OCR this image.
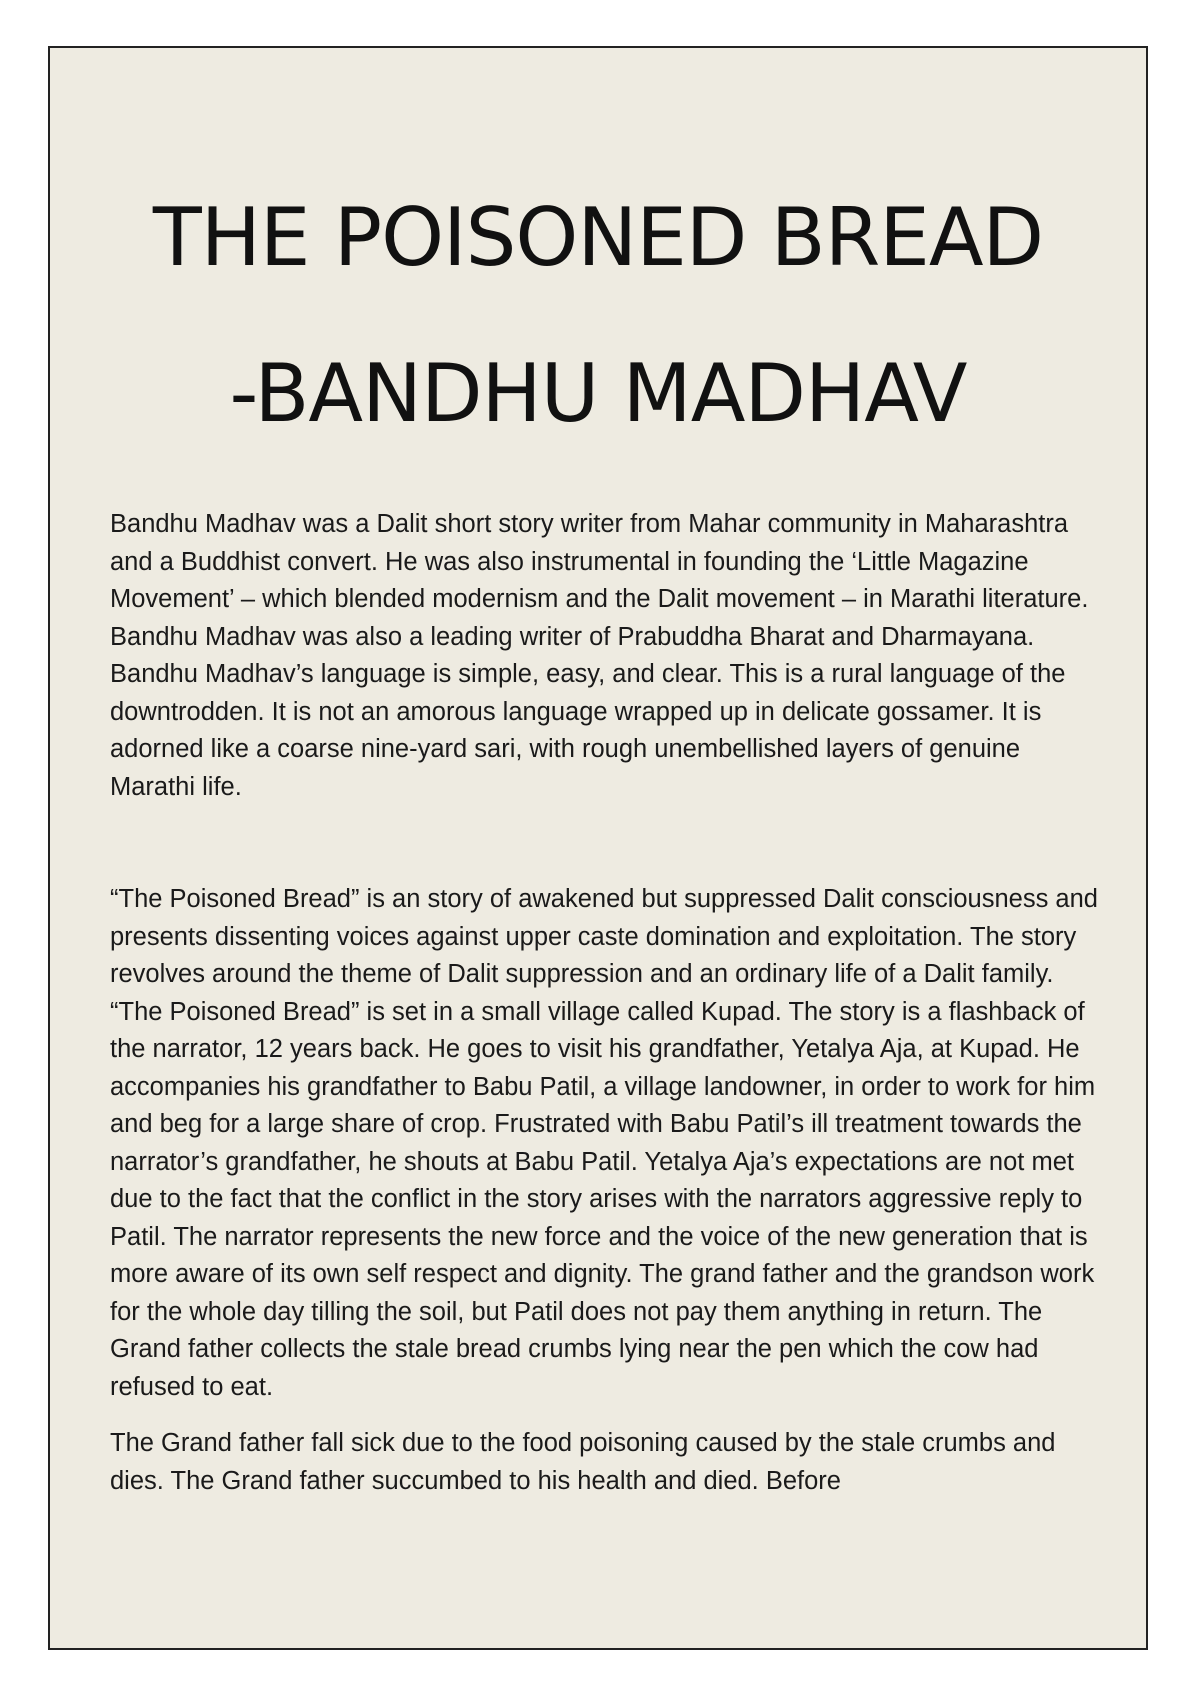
THE POISONED BREAD
-BANDHU MADHAV

Bandhu Madhav was a Dalit short story writer from Mahar community in Maharashtra and a Buddhist convert. He was also instrumental in founding the ‘Little Magazine Movement’ – which blended modernism and the Dalit movement – in Marathi literature. Bandhu Madhav was also a leading writer of Prabuddha Bharat and Dharmayana. Bandhu Madhav’s language is simple, easy, and clear. This is a rural language of the downtrodden. It is not an amorous language wrapped up in delicate gossamer. It is adorned like a coarse nine-yard sari, with rough unembellished layers of genuine Marathi life.

“The Poisoned Bread” is an story of awakened but suppressed Dalit consciousness and presents dissenting voices against upper caste domination and exploitation. The story revolves around the theme of Dalit suppression and an ordinary life of a Dalit family. “The Poisoned Bread” is set in a small village called Kupad. The story is a flashback of the narrator, 12 years back. He goes to visit his grandfather, Yetalya Aja, at Kupad. He accompanies his grandfather to Babu Patil, a village landowner, in order to work for him and beg for a large share of crop. Frustrated with Babu Patil’s ill treatment towards the narrator’s grandfather, he shouts at Babu Patil. Yetalya Aja’s expectations are not met due to the fact that the conflict in the story arises with the narrators aggressive reply to Patil. The narrator represents the new force and the voice of the new generation that is more aware of its own self respect and dignity. The grand father and the grandson work for the whole day tilling the soil, but Patil does not pay them anything in return. The Grand father collects the stale bread crumbs lying near the pen which the cow had refused to eat.

The Grand father fall sick due to the food poisoning caused by the stale crumbs and dies. The Grand father succumbed to his health and died. Before
